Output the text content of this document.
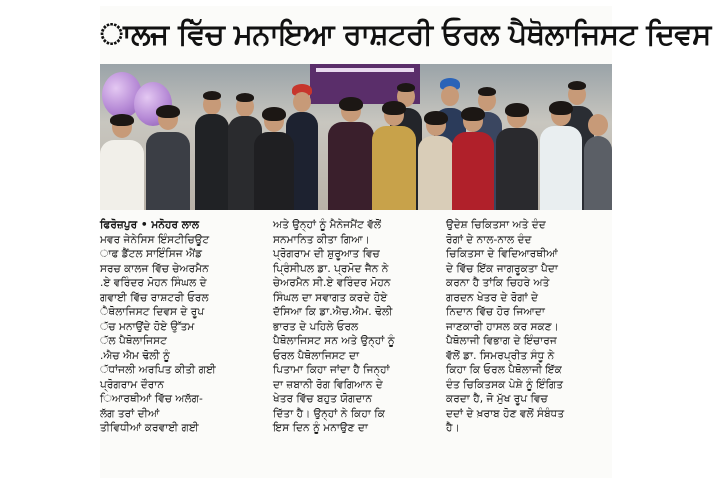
ਾਲਜ ਵਿੱਚ ਮਨਾਇਆ ਰਾਸ਼ਟਰੀ ਓਰਲ ਪੈਥੋਲਾਜਿਸਟ ਦਿਵਸ

ਫਿਰੋਜ਼ਪੁਰ • ਮਨੋਹਰ ਲਾਲ

ਮਵਰ ਜੇਨੇਸਿਸ ਇੰਸਟੀਚਿਊਟ
ਾਫ ਡੈਂਟਲ ਸਾਇੰਸਿਜ ਐਂਡ
ਸਰਚ ਕਾਲਜ ਵਿੱਚ ਚੇਅਰਮੈਨ
.ਏ ਵਰਿੰਦਰ ਮੋਹਨ ਸਿੰਘਲ ਦੇ
ਗਵਾਈ ਵਿੱਚ ਰਾਸ਼ਟਰੀ ਓਰਲ
ੈਥੋਲਾਜਿਸਟ ਦਿਵਸ ਦੇ ਰੂਪ
ੱਚ ਮਨਾਉਂਦੇ ਹੋਏ ਉੱਤਮ
ੱਲ ਪੈਥੋਲਾਜਿਸਟ
.ਐਚ ਐਮ ਢੋਲੀ ਨੂੰ
ੱਧਾਂਜਲੀ ਅਰਪਿਤ ਕੀਤੀ ਗਈ
ਪ੍ਰੋਗਰਾਮ ਦੌਰਾਨ
ਿਆਰਥੀਆਂ ਵਿੱਚ ਅਲੱਗ-
ਲੱਗ ਤਰਾਂ ਦੀਆਂ
ਤੀਵਿਧੀਆਂ ਕਰਵਾਈ ਗਈ

ਅਤੇ ਉਨ੍ਹਾਂ ਨੂੰ ਮੈਨੇਜਮੈਂਟ ਵੱਲੋਂ
ਸਨਮਾਨਿਤ ਕੀਤਾ ਗਿਆ।
ਪ੍ਰੋਗਰਾਮ ਦੀ ਸ਼ੁਰੂਆਤ ਵਿਚ
ਪ੍ਰਿੰਸੀਪਲ ਡਾ. ਪ੍ਰਮੋਦ ਜੈਨ ਨੇ
ਚੇਅਰਮੈਨ ਸੀ.ਏ ਵਰਿੰਦਰ ਮੋਹਨ
ਸਿੰਘਲ ਦਾ ਸਵਾਗਤ ਕਰਦੇ ਹੋਏ
ਦੱਸਿਆ ਕਿ ਡਾ.ਐਚ.ਐਮ. ਢੋਲੀ
ਭਾਰਤ ਦੇ ਪਹਿਲੇ ਓਰਲ
ਪੈਥੋਲਾਜਿਸਟ ਸਨ ਅਤੇ ਉਨ੍ਹਾਂ ਨੂੰ
ਓਰਲ ਪੈਥੋਲਾਜਿਸਟ ਦਾ
ਪਿਤਾਮਾ ਕਿਹਾ ਜਾਂਦਾ ਹੈ ਜਿਨ੍ਹਾਂ
ਦਾ ਜ਼ਬਾਨੀ ਰੋਗ ਵਿਗਿਆਨ ਦੇ
ਖੇਤਰ ਵਿੱਚ ਬਹੁਤ ਯੋਗਦਾਨ
ਦਿੱਤਾ ਹੈ। ਉਨ੍ਹਾਂ ਨੇ ਕਿਹਾ ਕਿ
ਇਸ ਦਿਨ ਨੂੰ ਮਨਾਉਣ ਦਾ

ਉਦੇਸ਼ ਚਿਕਿਤਸਾ ਅਤੇ ਦੰਦ
ਰੋਗਾਂ ਦੇ ਨਾਲ-ਨਾਲ ਦੰਦ
ਚਿਕਿਤਸਾ ਦੇ ਵਿਦਿਆਰਥੀਆਂ
ਦੇ ਵਿੱਚ ਇੱਕ ਜਾਗਰੂਕਤਾ ਪੈਦਾ
ਕਰਨਾ ਹੈ ਤਾਂਕਿ ਚਿਹਰੇ ਅਤੇ
ਗਰਦਨ ਖੇਤਰ ਦੇ ਰੋਗਾਂ ਦੇ
ਨਿਦਾਨ ਵਿੱਚ ਹੋਰ ਜਿਆਦਾ
ਜਾਣਕਾਰੀ ਹਾਸਲ ਕਰ ਸਕਣ।
ਪੈਥੋਲਾਜੀ ਵਿਭਾਗ ਦੇ ਇੰਚਾਰਜ
ਵੱਲੋਂ ਡਾ. ਸਿਮਰਪ੍ਰੀਤ ਸੰਧੂ ਨੇ
ਕਿਹਾ ਕਿ ਓਰਲ ਪੈਥੋਲਾਜੀ ਇੱਕ
ਦੰਤ ਚਿਕਿਤਸਕ ਪੇਸ਼ੇ ਨੂੰ ਇੰਗਿਤ
ਕਰਦਾ ਹੈ, ਜੋ ਮੁੱਖ ਰੂਪ ਵਿਚ
ਦਦਾਂ ਦੇ ਖ਼ਰਾਬ ਹੋਣ ਵਲੋਂ ਸੰਬੰਧਤ
ਹੈ।
